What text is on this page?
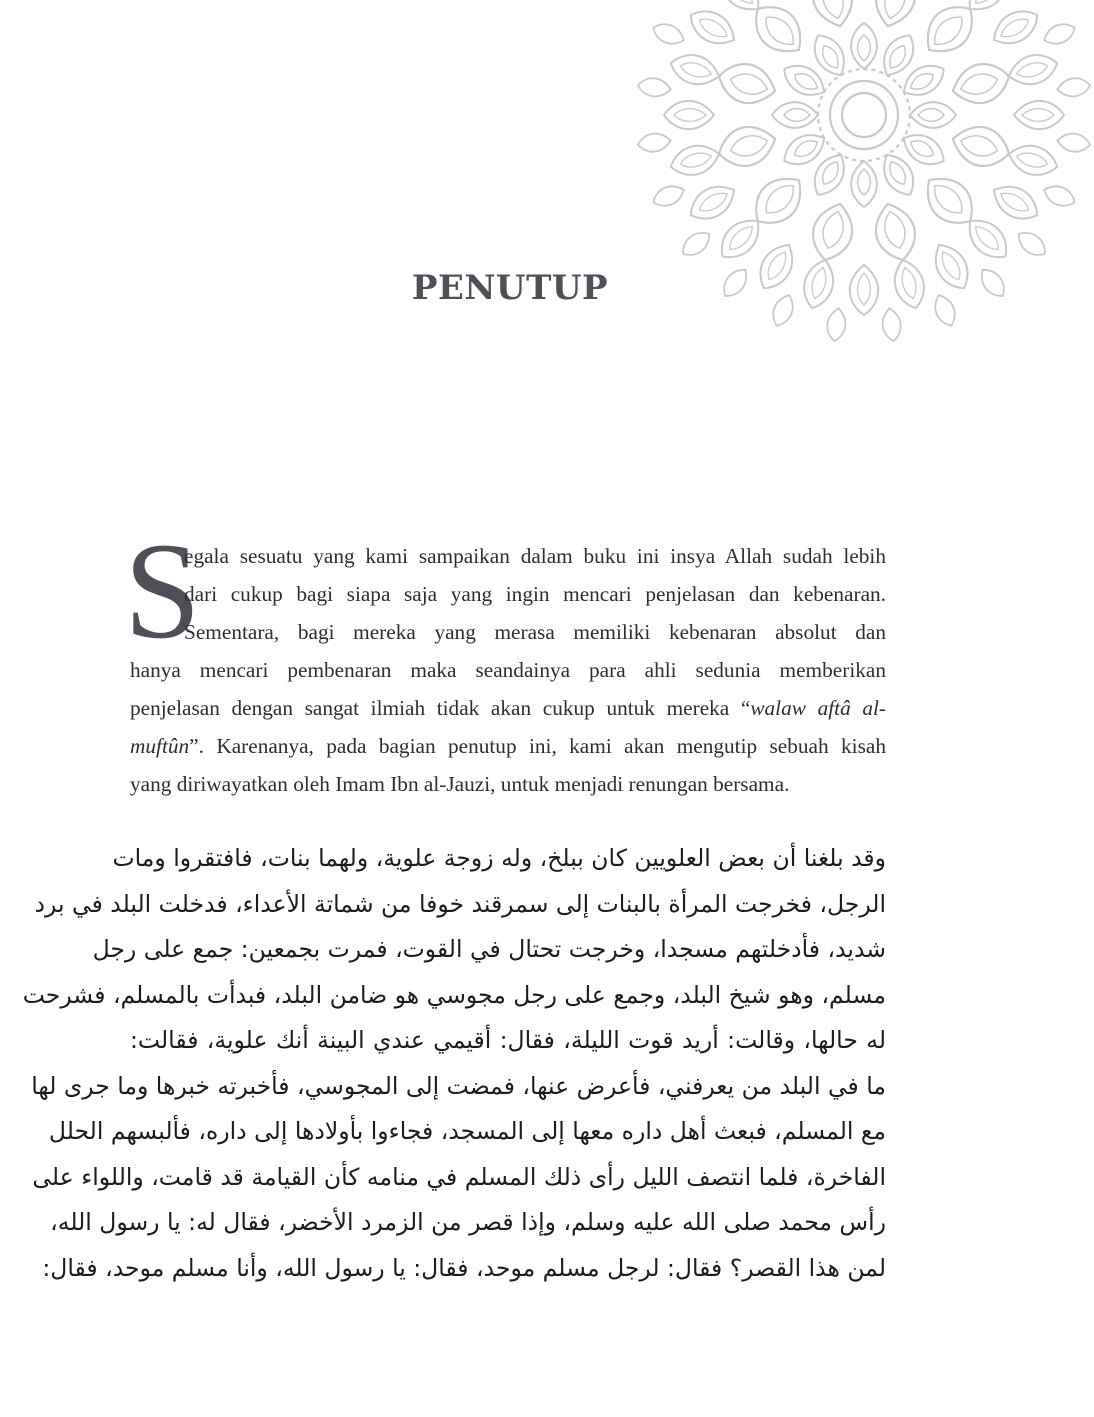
PENUTUP
S
egala sesuatu yang kami sampaikan dalam buku ini insya Allah sudah lebih
dari cukup bagi siapa saja yang ingin mencari penjelasan dan kebenaran.
Sementara, bagi mereka yang merasa memiliki kebenaran absolut dan
hanya mencari pembenaran maka seandainya para ahli sedunia memberikan
penjelasan dengan sangat ilmiah tidak akan cukup untuk mereka “walaw aftâ al-
muftûn”. Karenanya, pada bagian penutup ini, kami akan mengutip sebuah kisah
yang diriwayatkan oleh Imam Ibn al-Jauzi, untuk menjadi renungan bersama.
وقد بلغنا أن بعض العلويين كان ببلخ، وله زوجة علوية، ولهما بنات، فافتقروا ومات
الرجل، فخرجت المرأة بالبنات إلى سمرقند خوفا من شماتة الأعداء، فدخلت البلد في برد
شديد، فأدخلتهم مسجدا، وخرجت تحتال في القوت، فمرت بجمعين: جمع على رجل
مسلم، وهو شيخ البلد، وجمع على رجل مجوسي هو ضامن البلد، فبدأت بالمسلم، فشرحت
له حالها، وقالت: أريد قوت الليلة، فقال: أقيمي عندي البينة أنك علوية، فقالت:
ما في البلد من يعرفني، فأعرض عنها، فمضت إلى المجوسي، فأخبرته خبرها وما جرى لها
مع المسلم، فبعث أهل داره معها إلى المسجد، فجاءوا بأولادها إلى داره، فألبسهم الحلل
الفاخرة، فلما انتصف الليل رأى ذلك المسلم في منامه كأن القيامة قد قامت، واللواء على
رأس محمد صلى الله عليه وسلم، وإذا قصر من الزمرد الأخضر، فقال له: يا رسول الله،
لمن هذا القصر؟ فقال: لرجل مسلم موحد، فقال: يا رسول الله، وأنا مسلم موحد، فقال:
